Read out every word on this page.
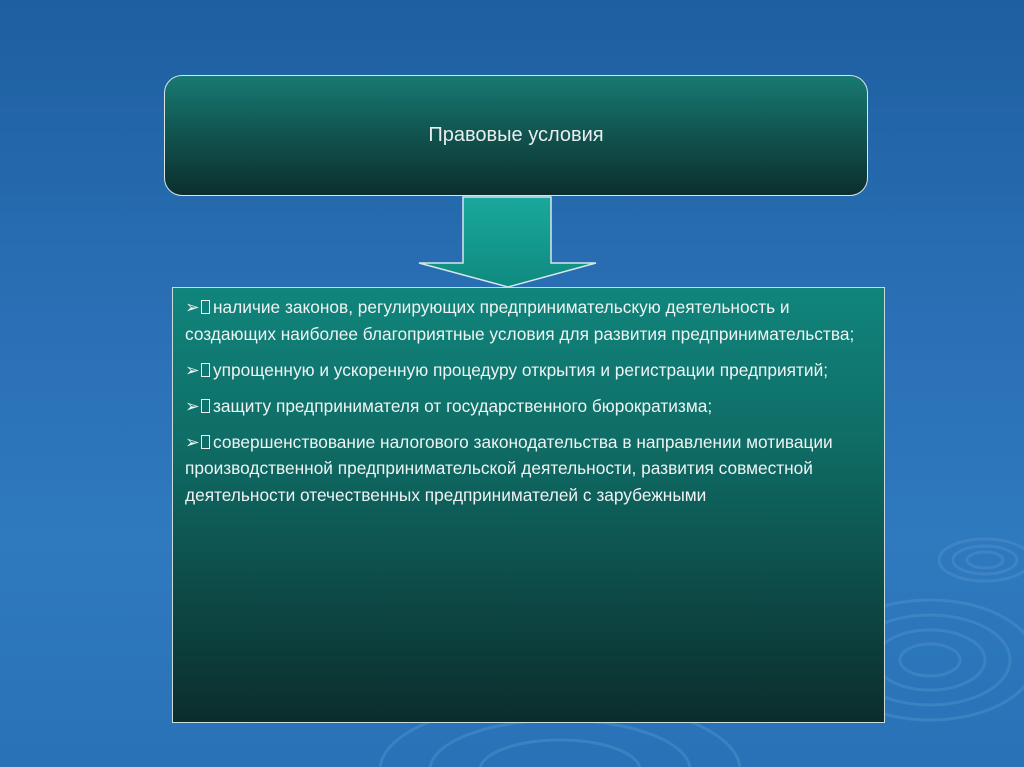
Правовые условия
➢ наличие законов, регулирующих предпринимательскую деятельность и создающих наиболее благоприятные условия для развития предпринимательства;
➢ упрощенную и ускоренную процедуру открытия и регистрации предприятий;
➢ защиту предпринимателя от государственного бюрократизма;
➢ совершенствование налогового законодательства в направлении мотивации производственной предпринимательской деятельности, развития совместной деятельности отечественных предпринимателей с зарубежными
